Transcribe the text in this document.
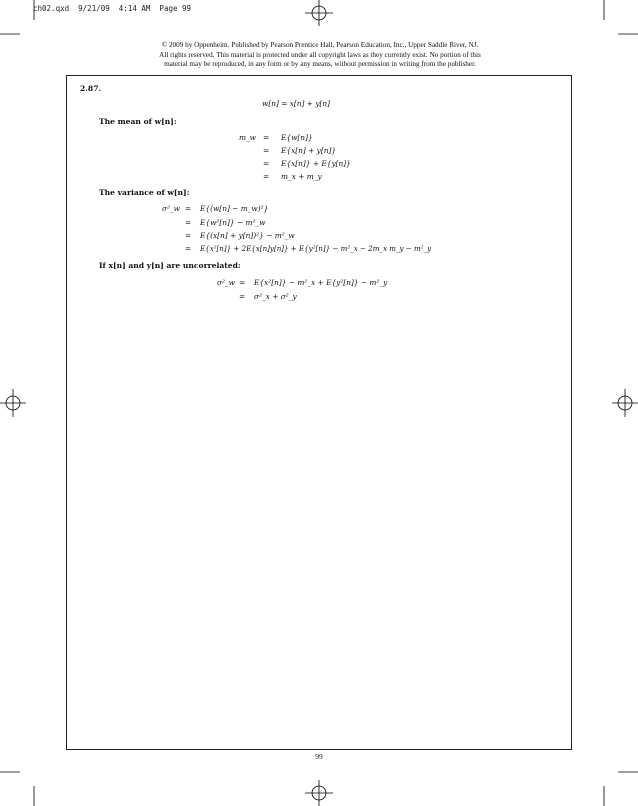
ch02.qxd  9/21/09  4:14 AM  Page 99
© 2009 by Oppenheim. Published by Pearson Prentice Hall, Pearson Education, Inc., Upper Saddle River, NJ.
All rights reserved. This material is protected under all copyright laws as they currently exist. No portion of this
material may be reproduced, in any form or by any means, without permission in writing from the publisher.
2.87.
w[n] = x[n] + y[n]
The mean of w[n]:
m_w = E{w[n]}
= E{x[n] + y[n]}
= E{x[n]} + E{y[n]}
= m_x + m_y
The variance of w[n]:
σ²_w = E{(w[n] − m_w)²}
= E{w²[n]} − m²_w
= E{(x[n] + y[n])²} − m²_w
= E{x²[n]} + 2E{x[n]y[n]} + E{y²[n]} − m²_x − 2m_x m_y − m²_y
If x[n] and y[n] are uncorrelated:
σ²_w = E{x²[n]} − m²_x + E{y²[n]} − m²_y
= σ²_x + σ²_y
99
